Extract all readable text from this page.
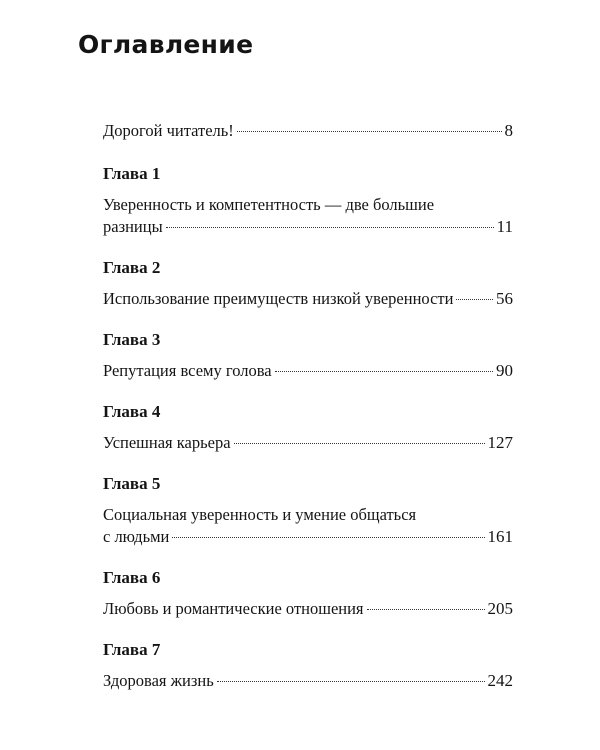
Оглавление
Дорогой читатель!	8
Глава 1
Уверенность и компетентность — две большие
разницы	11
Глава 2
Использование преимуществ низкой уверенности	56
Глава 3
Репутация всему голова	90
Глава 4
Успешная карьера	127
Глава 5
Социальная уверенность и умение общаться
с людьми	161
Глава 6
Любовь и романтические отношения	205
Глава 7
Здоровая жизнь	242
